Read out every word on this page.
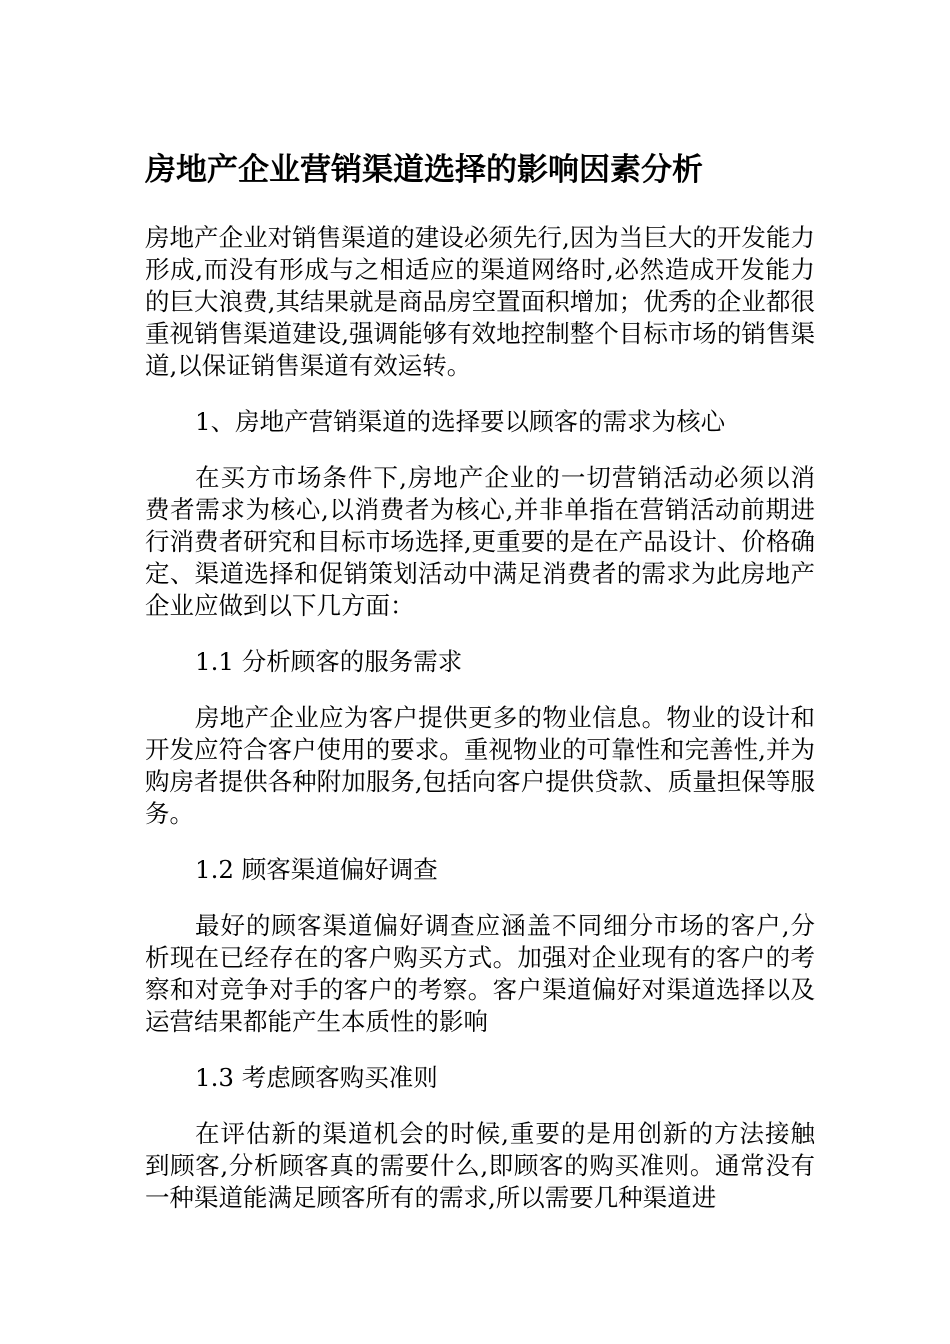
房地产企业营销渠道选择的影响因素分析

房地产企业对销售渠道的建设必须先行,因为当巨大的开发能力形成,而没有形成与之相适应的渠道网络时,必然造成开发能力的巨大浪费,其结果就是商品房空置面积增加；优秀的企业都很重视销售渠道建设,强调能够有效地控制整个目标市场的销售渠道,以保证销售渠道有效运转。

1、房地产营销渠道的选择要以顾客的需求为核心

在买方市场条件下,房地产企业的一切营销活动必须以消费者需求为核心,以消费者为核心,并非单指在营销活动前期进行消费者研究和目标市场选择,更重要的是在产品设计、价格确定、渠道选择和促销策划活动中满足消费者的需求为此房地产企业应做到以下几方面：

1.1 分析顾客的服务需求

房地产企业应为客户提供更多的物业信息。物业的设计和开发应符合客户使用的要求。重视物业的可靠性和完善性,并为购房者提供各种附加服务,包括向客户提供贷款、质量担保等服务。

1.2 顾客渠道偏好调查

最好的顾客渠道偏好调查应涵盖不同细分市场的客户,分析现在已经存在的客户购买方式。加强对企业现有的客户的考察和对竞争对手的客户的考察。客户渠道偏好对渠道选择以及运营结果都能产生本质性的影响

1.3 考虑顾客购买准则

在评估新的渠道机会的时候,重要的是用创新的方法接触到顾客,分析顾客真的需要什么,即顾客的购买准则。通常没有一种渠道能满足顾客所有的需求,所以需要几种渠道进
